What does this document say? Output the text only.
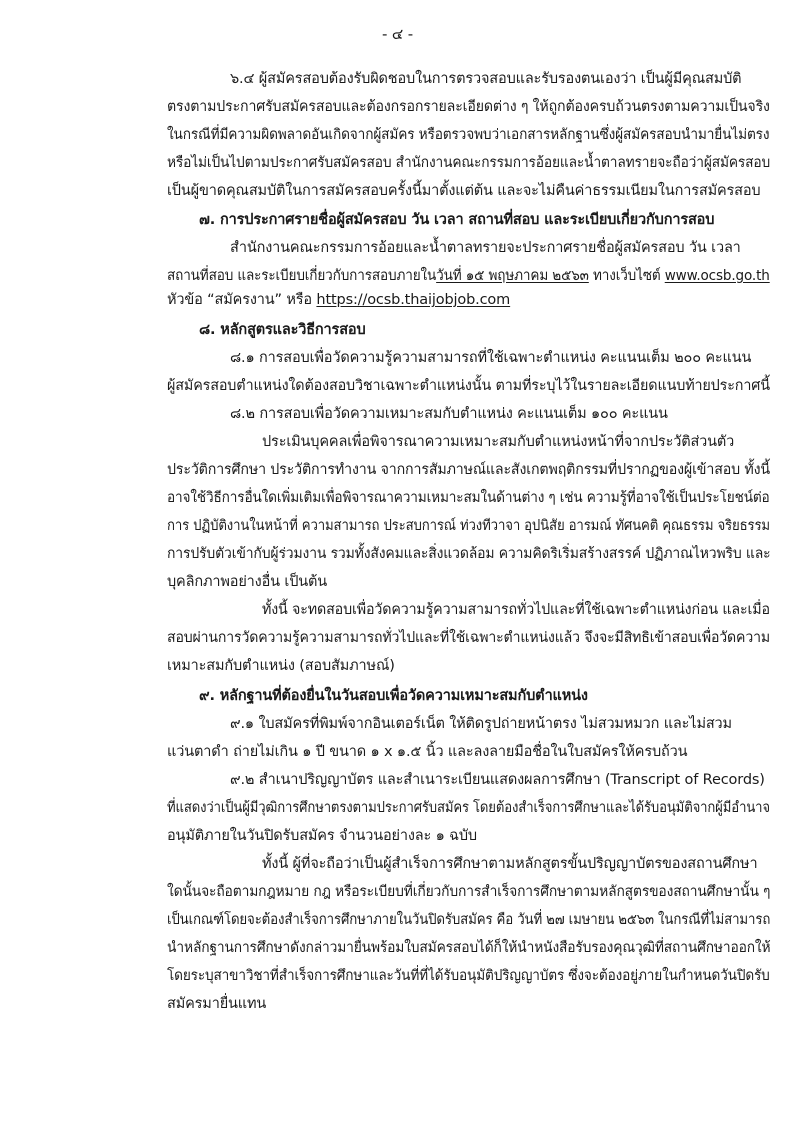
- ๔ -
๖.๔ ผู้สมัครสอบต้องรับผิดชอบในการตรวจสอบและรับรองตนเองว่า เป็นผู้มีคุณสมบัติ
ตรงตามประกาศรับสมัครสอบและต้องกรอกรายละเอียดต่าง ๆ ให้ถูกต้องครบถ้วนตรงตามความเป็นจริง
ในกรณีที่มีความผิดพลาดอันเกิดจากผู้สมัคร หรือตรวจพบว่าเอกสารหลักฐานซึ่งผู้สมัครสอบนำมายื่นไม่ตรง
หรือไม่เป็นไปตามประกาศรับสมัครสอบ สำนักงานคณะกรรมการอ้อยและน้ำตาลทรายจะถือว่าผู้สมัครสอบ
เป็นผู้ขาดคุณสมบัติในการสมัครสอบครั้งนี้มาตั้งแต่ต้น และจะไม่คืนค่าธรรมเนียมในการสมัครสอบ
๗. การประกาศรายชื่อผู้สมัครสอบ วัน เวลา สถานที่สอบ และระเบียบเกี่ยวกับการสอบ
สำนักงานคณะกรรมการอ้อยและน้ำตาลทรายจะประกาศรายชื่อผู้สมัครสอบ วัน เวลา
สถานที่สอบ และระเบียบเกี่ยวกับการสอบภายในวันที่ ๑๕ พฤษภาคม ๒๕๖๓ ทางเว็บไซต์ www.ocsb.go.th
หัวข้อ “สมัครงาน” หรือ https://ocsb.thaijobjob.com
๘. หลักสูตรและวิธีการสอบ
๘.๑ การสอบเพื่อวัดความรู้ความสามารถที่ใช้เฉพาะตำแหน่ง คะแนนเต็ม ๒๐๐ คะแนน
ผู้สมัครสอบตำแหน่งใดต้องสอบวิชาเฉพาะตำแหน่งนั้น ตามที่ระบุไว้ในรายละเอียดแนบท้ายประกาศนี้
๘.๒ การสอบเพื่อวัดความเหมาะสมกับตำแหน่ง คะแนนเต็ม ๑๐๐ คะแนน
ประเมินบุคคลเพื่อพิจารณาความเหมาะสมกับตำแหน่งหน้าที่จากประวัติส่วนตัว
ประวัติการศึกษา ประวัติการทำงาน จากการสัมภาษณ์และสังเกตพฤติกรรมที่ปรากฏของผู้เข้าสอบ ทั้งนี้
อาจใช้วิธีการอื่นใดเพิ่มเติมเพื่อพิจารณาความเหมาะสมในด้านต่าง ๆ เช่น ความรู้ที่อาจใช้เป็นประโยชน์ต่อ
การ ปฏิบัติงานในหน้าที่ ความสามารถ ประสบการณ์ ท่วงทีวาจา อุปนิสัย อารมณ์ ทัศนคติ คุณธรรม จริยธรรม
การปรับตัวเข้ากับผู้ร่วมงาน รวมทั้งสังคมและสิ่งแวดล้อม ความคิดริเริ่มสร้างสรรค์ ปฏิภาณไหวพริบ และ
บุคลิกภาพอย่างอื่น เป็นต้น
ทั้งนี้ จะทดสอบเพื่อวัดความรู้ความสามารถทั่วไปและที่ใช้เฉพาะตำแหน่งก่อน และเมื่อ
สอบผ่านการวัดความรู้ความสามารถทั่วไปและที่ใช้เฉพาะตำแหน่งแล้ว จึงจะมีสิทธิเข้าสอบเพื่อวัดความ
เหมาะสมกับตำแหน่ง (สอบสัมภาษณ์)
๙. หลักฐานที่ต้องยื่นในวันสอบเพื่อวัดความเหมาะสมกับตำแหน่ง
๙.๑ ใบสมัครที่พิมพ์จากอินเตอร์เน็ต ให้ติดรูปถ่ายหน้าตรง ไม่สวมหมวก และไม่สวม
แว่นตาดำ ถ่ายไม่เกิน ๑ ปี ขนาด ๑ x ๑.๕ นิ้ว และลงลายมือชื่อในใบสมัครให้ครบถ้วน
๙.๒ สำเนาปริญญาบัตร และสำเนาระเบียนแสดงผลการศึกษา (Transcript of Records)
ที่แสดงว่าเป็นผู้มีวุฒิการศึกษาตรงตามประกาศรับสมัคร โดยต้องสำเร็จการศึกษาและได้รับอนุมัติจากผู้มีอำนาจ
อนุมัติภายในวันปิดรับสมัคร จำนวนอย่างละ ๑ ฉบับ
ทั้งนี้ ผู้ที่จะถือว่าเป็นผู้สำเร็จการศึกษาตามหลักสูตรขั้นปริญญาบัตรของสถานศึกษา
ใดนั้นจะถือตามกฎหมาย กฎ หรือระเบียบที่เกี่ยวกับการสำเร็จการศึกษาตามหลักสูตรของสถานศึกษานั้น ๆ
เป็นเกณฑ์โดยจะต้องสำเร็จการศึกษาภายในวันปิดรับสมัคร คือ วันที่ ๒๗ เมษายน ๒๕๖๓ ในกรณีที่ไม่สามารถ
นำหลักฐานการศึกษาดังกล่าวมายื่นพร้อมใบสมัครสอบได้ก็ให้นำหนังสือรับรองคุณวุฒิที่สถานศึกษาออกให้
โดยระบุสาขาวิชาที่สำเร็จการศึกษาและวันที่ที่ได้รับอนุมัติปริญญาบัตร ซึ่งจะต้องอยู่ภายในกำหนดวันปิดรับ
สมัครมายื่นแทน
